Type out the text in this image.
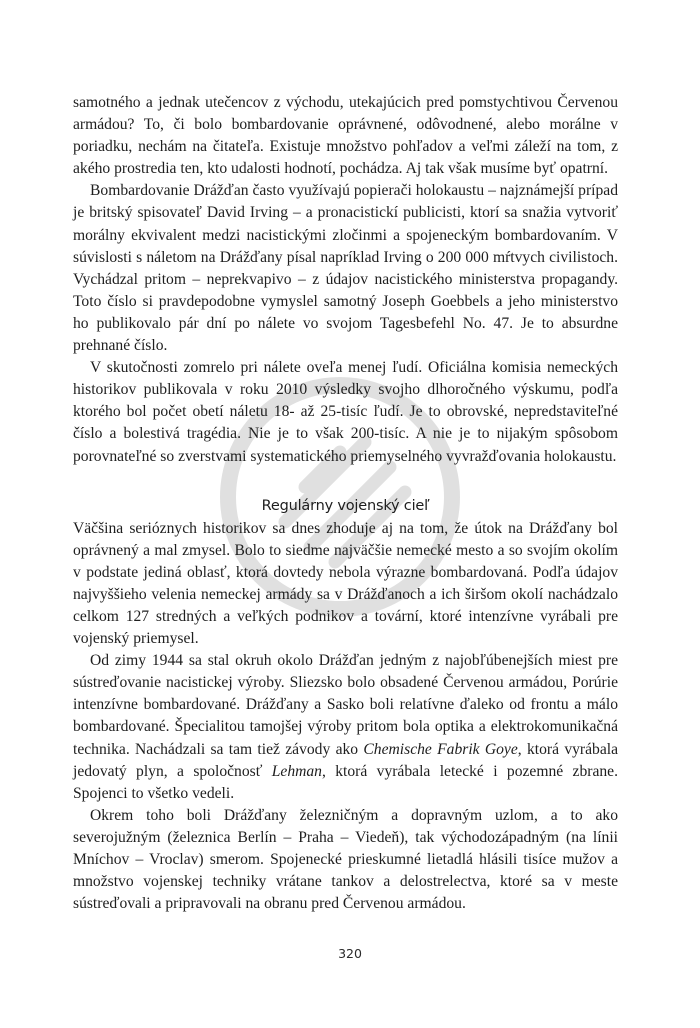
samotného a jednak utečencov z východu, utekajúcich pred pomstychtivou Červenou armádou? To, či bolo bombardovanie oprávnené, odôvodnené, alebo morálne v poriadku, nechám na čitateľa. Existuje množstvo pohľadov a veľmi záleží na tom, z akého prostredia ten, kto udalosti hodnotí, pochádza. Aj tak však musíme byť opatrní.

Bombardovanie Drážďan často využívajú popierači holokaustu – najznámejší prípad je britský spisovateľ David Irving – a pronacistickí publicisti, ktorí sa snažia vytvoriť morálny ekvivalent medzi nacistickými zločinmi a spojeneckým bombardovaním. V súvislosti s náletom na Drážďany písal napríklad Irving o 200 000 mŕtvych civilistoch. Vychádzal pritom – neprekvapivo – z údajov nacistického ministerstva propagandy. Toto číslo si pravdepodobne vymyslel samotný Joseph Goebbels a jeho ministerstvo ho publikovalo pár dní po nálete vo svojom Tagesbefehl No. 47. Je to absurdne prehnané číslo.

V skutočnosti zomrelo pri nálete oveľa menej ľudí. Oficiálna komisia nemeckých historikov publikovala v roku 2010 výsledky svojho dlhoročného výskumu, podľa ktorého bol počet obetí náletu 18- až 25-tisíc ľudí. Je to obrovské, nepredstaviteľné číslo a bolestivá tragédia. Nie je to však 200-tisíc. A nie je to nijakým spôsobom porovnateľné so zverstvami systematického priemyselného vyvražďovania holokaustu.

Regulárny vojenský cieľ

Väčšina serióznych historikov sa dnes zhoduje aj na tom, že útok na Drážďany bol oprávnený a mal zmysel. Bolo to siedme najväčšie nemecké mesto a so svojím okolím v podstate jediná oblasť, ktorá dovtedy nebola výrazne bombardovaná. Podľa údajov najvyššieho velenia nemeckej armády sa v Drážďanoch a ich širšom okolí nachádzalo celkom 127 stredných a veľkých podnikov a tovární, ktoré intenzívne vyrábali pre vojenský priemysel.

Od zimy 1944 sa stal okruh okolo Drážďan jedným z najobľúbenejších miest pre sústreďovanie nacistickej výroby. Sliezsko bolo obsadené Červenou armádou, Porúrie intenzívne bombardované. Drážďany a Sasko boli relatívne ďaleko od frontu a málo bombardované. Špecialitou tamojšej výroby pritom bola optika a elektrokomunikačná technika. Nachádzali sa tam tiež závody ako Chemische Fabrik Goye, ktorá vyrábala jedovatý plyn, a spoločnosť Lehman, ktorá vyrábala letecké i pozemné zbrane. Spojenci to všetko vedeli.

Okrem toho boli Drážďany železničným a dopravným uzlom, a to ako severojužným (železnica Berlín – Praha – Viedeň), tak východozápadným (na línii Mníchov – Vroclav) smerom. Spojenecké prieskumné lietadlá hlásili tisíce mužov a množstvo vojenskej techniky vrátane tankov a delostrelectva, ktoré sa v meste sústreďovali a pripravovali na obranu pred Červenou armádou.

320
